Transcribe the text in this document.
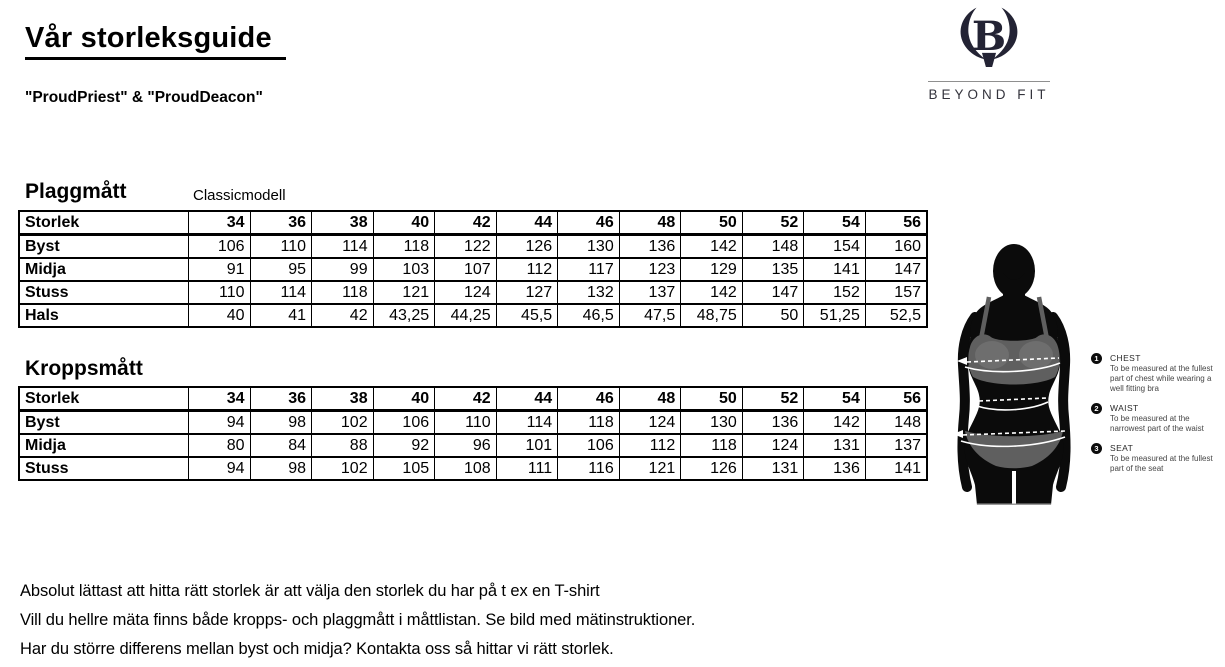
Vår storleksguide
"ProudPriest" & "ProudDeacon"
B
BEYOND FIT
Plaggmått	Classicmodell
Storlek	34	36	38	40	42	44	46	48	50	52	54	56
Byst	106	110	114	118	122	126	130	136	142	148	154	160
Midja	91	95	99	103	107	112	117	123	129	135	141	147
Stuss	110	114	118	121	124	127	132	137	142	147	152	157
Hals	40	41	42	43,25	44,25	45,5	46,5	47,5	48,75	50	51,25	52,5
Kroppsmått
Storlek	34	36	38	40	42	44	46	48	50	52	54	56
Byst	94	98	102	106	110	114	118	124	130	136	142	148
Midja	80	84	88	92	96	101	106	112	118	124	131	137
Stuss	94	98	102	105	108	111	116	121	126	131	136	141
1	CHEST
To be measured at the fullest part of chest while wearing a well fitting bra
2	WAIST
To be measured at the narrowest part of the waist
3	SEAT
To be measured at the fullest part of the seat
Absolut lättast att hitta rätt storlek är att välja den storlek du har på t ex en T-shirt
Vill du hellre mäta finns både kropps- och plaggmått i måttlistan. Se bild med mätinstruktioner.
Har du större differens mellan byst och midja? Kontakta oss så hittar vi rätt storlek.
